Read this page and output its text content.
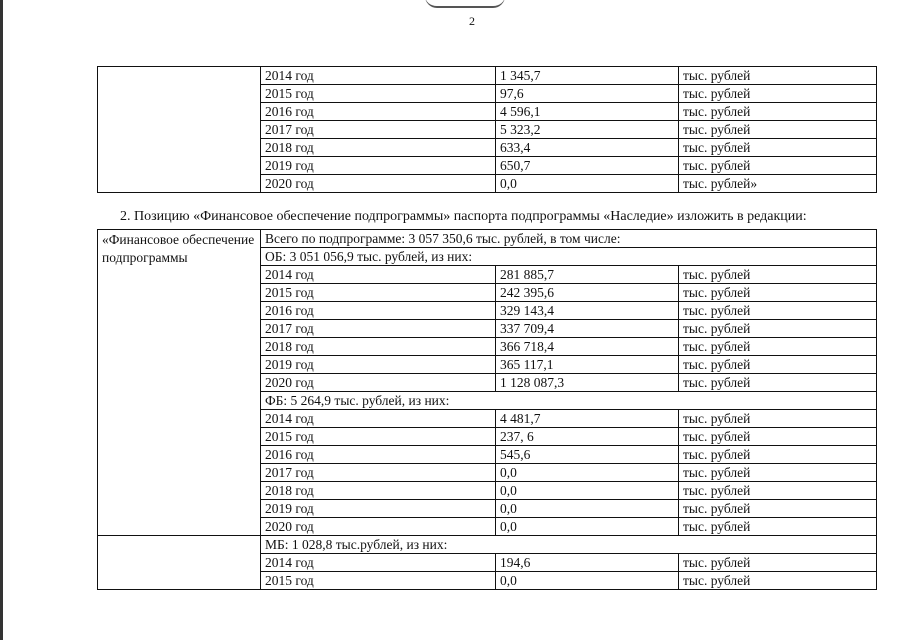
2
	2014 год	1 345,7	тыс. рублей
	2015 год	97,6	тыс. рублей
	2016 год	4 596,1	тыс. рублей
	2017 год	5 323,2	тыс. рублей
	2018 год	633,4	тыс. рублей
	2019 год	650,7	тыс. рублей
	2020 год	0,0	тыс. рублей»
2. Позицию «Финансовое обеспечение подпрограммы» паспорта подпрограммы «Наследие» изложить в редакции:
«Финансовое обеспечение подпрограммы	Всего по подпрограмме: 3 057 350,6 тыс. рублей, в том числе:		
	ОБ: 3 051 056,9 тыс. рублей, из них:		
	2014 год	281 885,7	тыс. рублей
	2015 год	242 395,6	тыс. рублей
	2016 год	329 143,4	тыс. рублей
	2017 год	337 709,4	тыс. рублей
	2018 год	366 718,4	тыс. рублей
	2019 год	365 117,1	тыс. рублей
	2020 год	1 128 087,3	тыс. рублей
	ФБ: 5 264,9 тыс. рублей, из них:		
	2014 год	4 481,7	тыс. рублей
	2015 год	237, 6	тыс. рублей
	2016 год	545,6	тыс. рублей
	2017 год	0,0	тыс. рублей
	2018 год	0,0	тыс. рублей
	2019 год	0,0	тыс. рублей
	2020 год	0,0	тыс. рублей
	МБ: 1 028,8 тыс.рублей, из них:		
	2014 год	194,6	тыс. рублей
	2015 год	0,0	тыс. рублей
